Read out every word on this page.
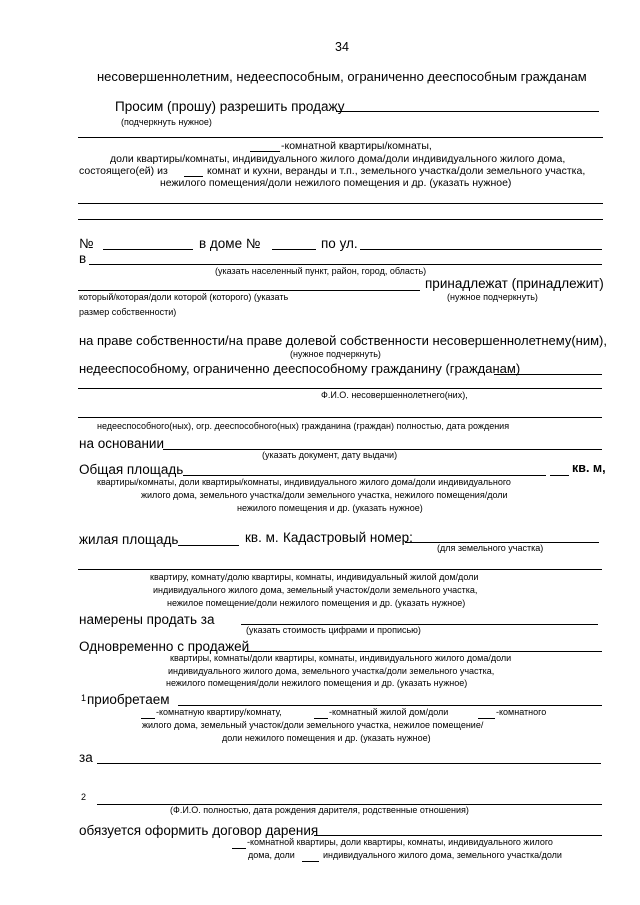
34
несовершеннолетним, недееспособным, ограниченно дееспособным гражданам
Просим (прошу) разрешить продажу
(подчеркнуть нужное)
-комнатной квартиры/комнаты,
доли квартиры/комнаты, индивидуального жилого дома/доли индивидуального жилого дома,
состоящего(ей) из	комнат и кухни, веранды и т.п., земельного участка/доли земельного участка,
нежилого помещения/доли нежилого помещения и др. (указать нужное)
№	в доме №	по ул.
в
(указать населенный пункт, район, город, область)
принадлежат (принадлежит)
который/которая/доли которой (которого) (указать	(нужное подчеркнуть)
размер собственности)
на праве собственности/на праве долевой собственности несовершеннолетнему(ним),
(нужное подчеркнуть)
недееспособному, ограниченно дееспособному гражданину (гражданам)
Ф.И.О. несовершеннолетнего(них),
недееспособного(ных), огр. дееспособного(ных) гражданина (граждан) полностью, дата рождения
на основании
(указать документ, дату выдачи)
Общая площадь	кв. м,
квартиры/комнаты, доли квартиры/комнаты, индивидуального жилого дома/доли индивидуального
жилого дома, земельного участка/доли земельного участка, нежилого помещения/доли
нежилого помещения и др. (указать нужное)
жилая площадь	кв. м. Кадастровый номер:
(для земельного участка)
квартиру, комнату/долю квартиры, комнаты, индивидуальный жилой дом/доли
индивидуального жилого дома, земельный участок/доли земельного участка,
нежилое помещение/доли нежилого помещения и др. (указать нужное)
намерены продать за
(указать стоимость цифрами и прописью)
Одновременно с продажей
квартиры, комнаты/доли квартиры, комнаты, индивидуального жилого дома/доли
индивидуального жилого дома, земельного участка/доли земельного участка,
нежилого помещения/доли нежилого помещения и др. (указать нужное)
1 приобретаем
-комнатную квартиру/комнату,	-комнатный жилой дом/доли	-комнатного
жилого дома, земельный участок/доли земельного участка, нежилое помещение/
доли нежилого помещения и др. (указать нужное)
за
2
(Ф.И.О. полностью, дата рождения дарителя, родственные отношения)
обязуется оформить договор дарения
-комнатной квартиры, доли квартиры, комнаты, индивидуального жилого
дома, доли	индивидуального жилого дома, земельного участка/доли
